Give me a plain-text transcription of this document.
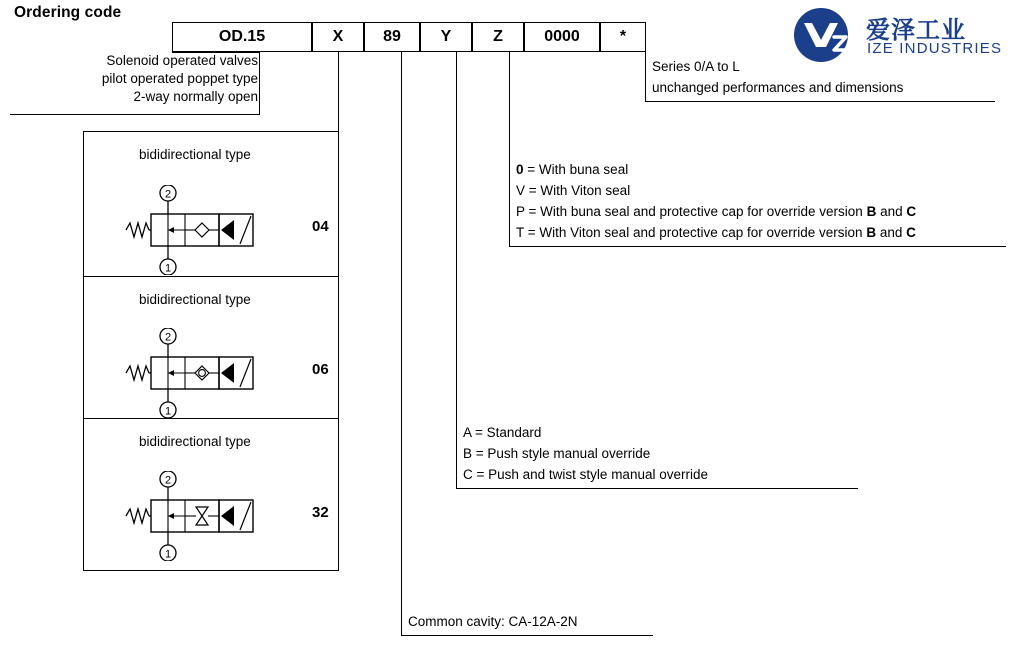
Ordering code
OD.15	X	89	Y	Z	0000	*
Solenoid operated valves
pilot operated poppet type
2-way normally open
Series 0/A to L
unchanged performances and dimensions
0 = With buna seal
V = With Viton seal
P = With buna seal and protective cap for override version B and C
T = With Viton seal and protective cap for override version B and C
A = Standard
B = Push style manual override
C = Push and twist style manual override
Common cavity: CA-12A-2N
bididirectional type
04
2
1
bididirectional type
06
2
1
bididirectional type
32
2
1
爱泽工业
IZE INDUSTRIES
